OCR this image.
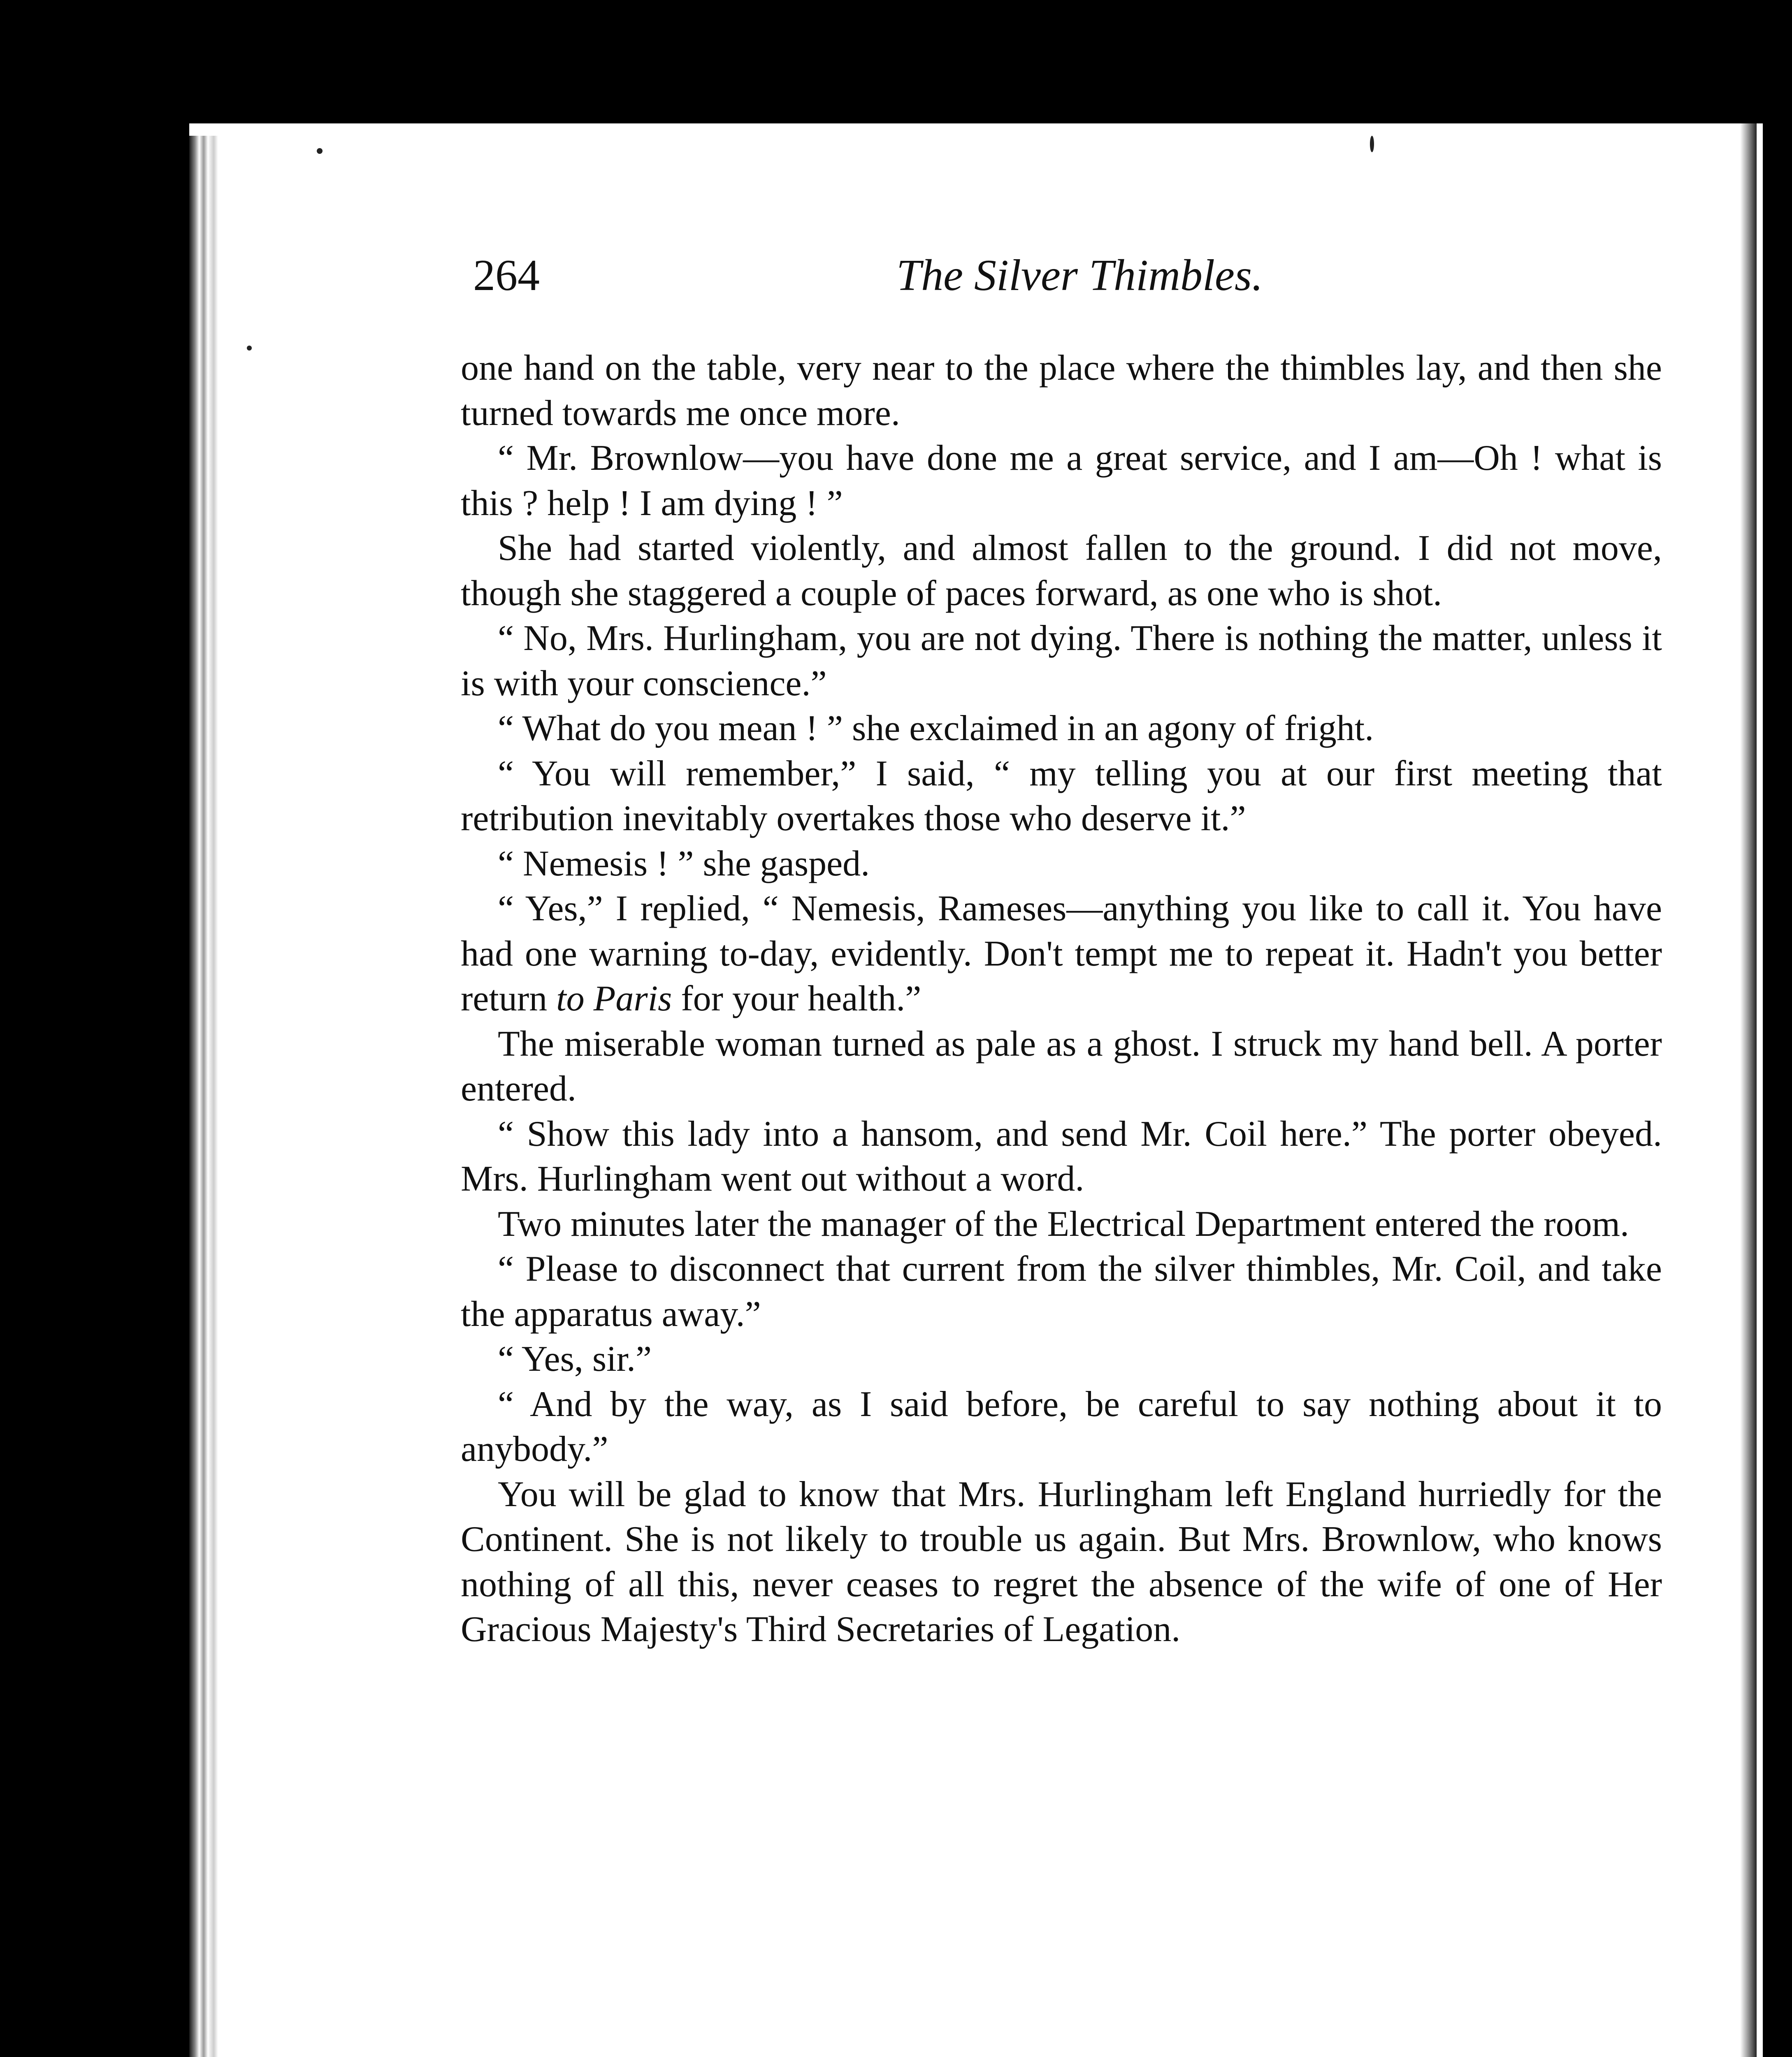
264	The Silver Thimbles.

one hand on the table, very near to the place where the thimbles lay, and then she turned towards me once more.

“ Mr. Brownlow—you have done me a great service, and I am—Oh ! what is this ? help ! I am dying ! ”

She had started violently, and almost fallen to the ground. I did not move, though she staggered a couple of paces forward, as one who is shot.

“ No, Mrs. Hurlingham, you are not dying. There is nothing the matter, unless it is with your conscience.”

“ What do you mean ! ” she exclaimed in an agony of fright.

“ You will remember,” I said, “ my telling you at our first meeting that retribution inevitably overtakes those who deserve it.”

“ Nemesis ! ” she gasped.

“ Yes,” I replied, “ Nemesis, Rameses—anything you like to call it. You have had one warning to-day, evidently. Don't tempt me to repeat it. Hadn't you better return to Paris for your health.”

The miserable woman turned as pale as a ghost. I struck my hand bell. A porter entered.

“ Show this lady into a hansom, and send Mr. Coil here.” The porter obeyed. Mrs. Hurlingham went out without a word.

Two minutes later the manager of the Electrical Department entered the room.

“ Please to disconnect that current from the silver thimbles, Mr. Coil, and take the apparatus away.”

“ Yes, sir.”

“ And by the way, as I said before, be careful to say nothing about it to anybody.”

You will be glad to know that Mrs. Hurlingham left England hurriedly for the Continent. She is not likely to trouble us again. But Mrs. Brownlow, who knows nothing of all this, never ceases to regret the absence of the wife of one of Her Gracious Majesty's Third Secretaries of Legation.
